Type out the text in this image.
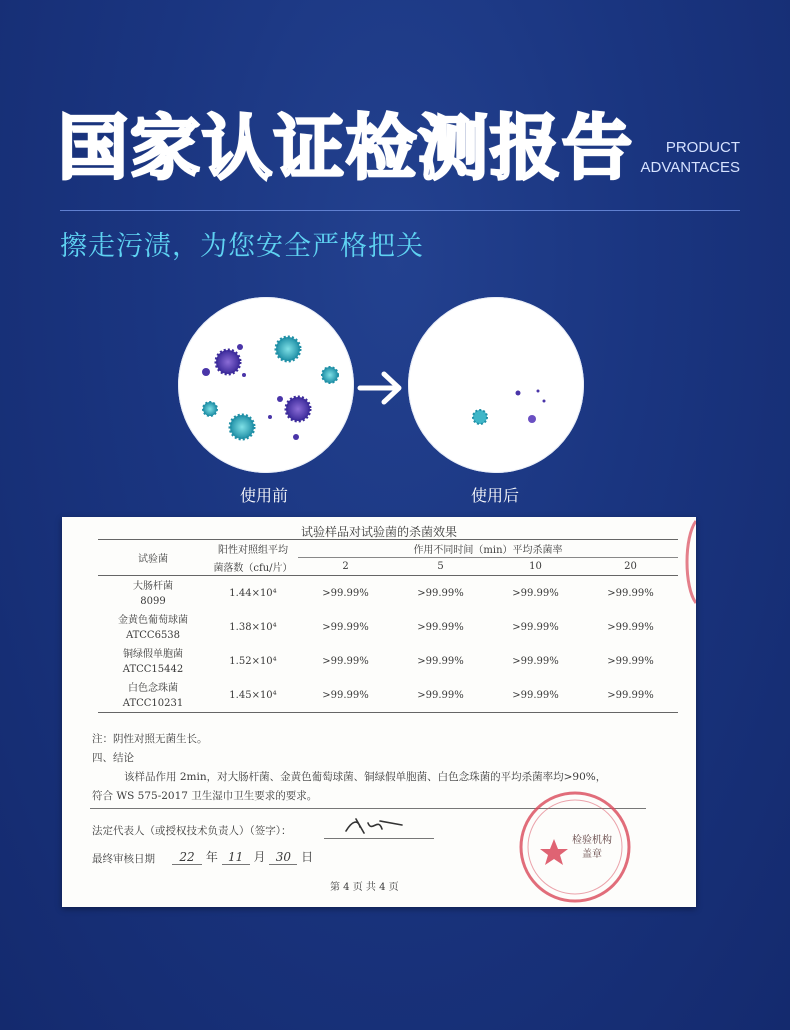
国家认证检测报告	PRODUCT
ADVANTACES
擦走污渍，为您安全严格把关
使用前	使用后
试验样品对试验菌的杀菌效果
试验菌	阳性对照组平均	作用不同时间（min）平均杀菌率			
	菌落数（cfu/片）	2	5	10	20
大肠杆菌	1.44×10⁴	>99.99%	>99.99%	>99.99%	>99.99%
8099					
金黄色葡萄球菌	1.38×10⁴	>99.99%	>99.99%	>99.99%	>99.99%
ATCC6538					
铜绿假单胞菌	1.52×10⁴	>99.99%	>99.99%	>99.99%	>99.99%
ATCC15442					
白色念珠菌	1.45×10⁴	>99.99%	>99.99%	>99.99%	>99.99%
ATCC10231					
注：阴性对照无菌生长。
四、结论
该样品作用 2min，对大肠杆菌、金黄色葡萄球菌、铜绿假单胞菌、白色念珠菌的平均杀菌率均>90%，
符合 WS 575-2017 卫生湿巾卫生要求的要求。
法定代表人（或授权技术负责人）（签字）：
最终审核日期	22 年 11 月 30 日
第 4 页 共 4 页
检验机构
盖章
